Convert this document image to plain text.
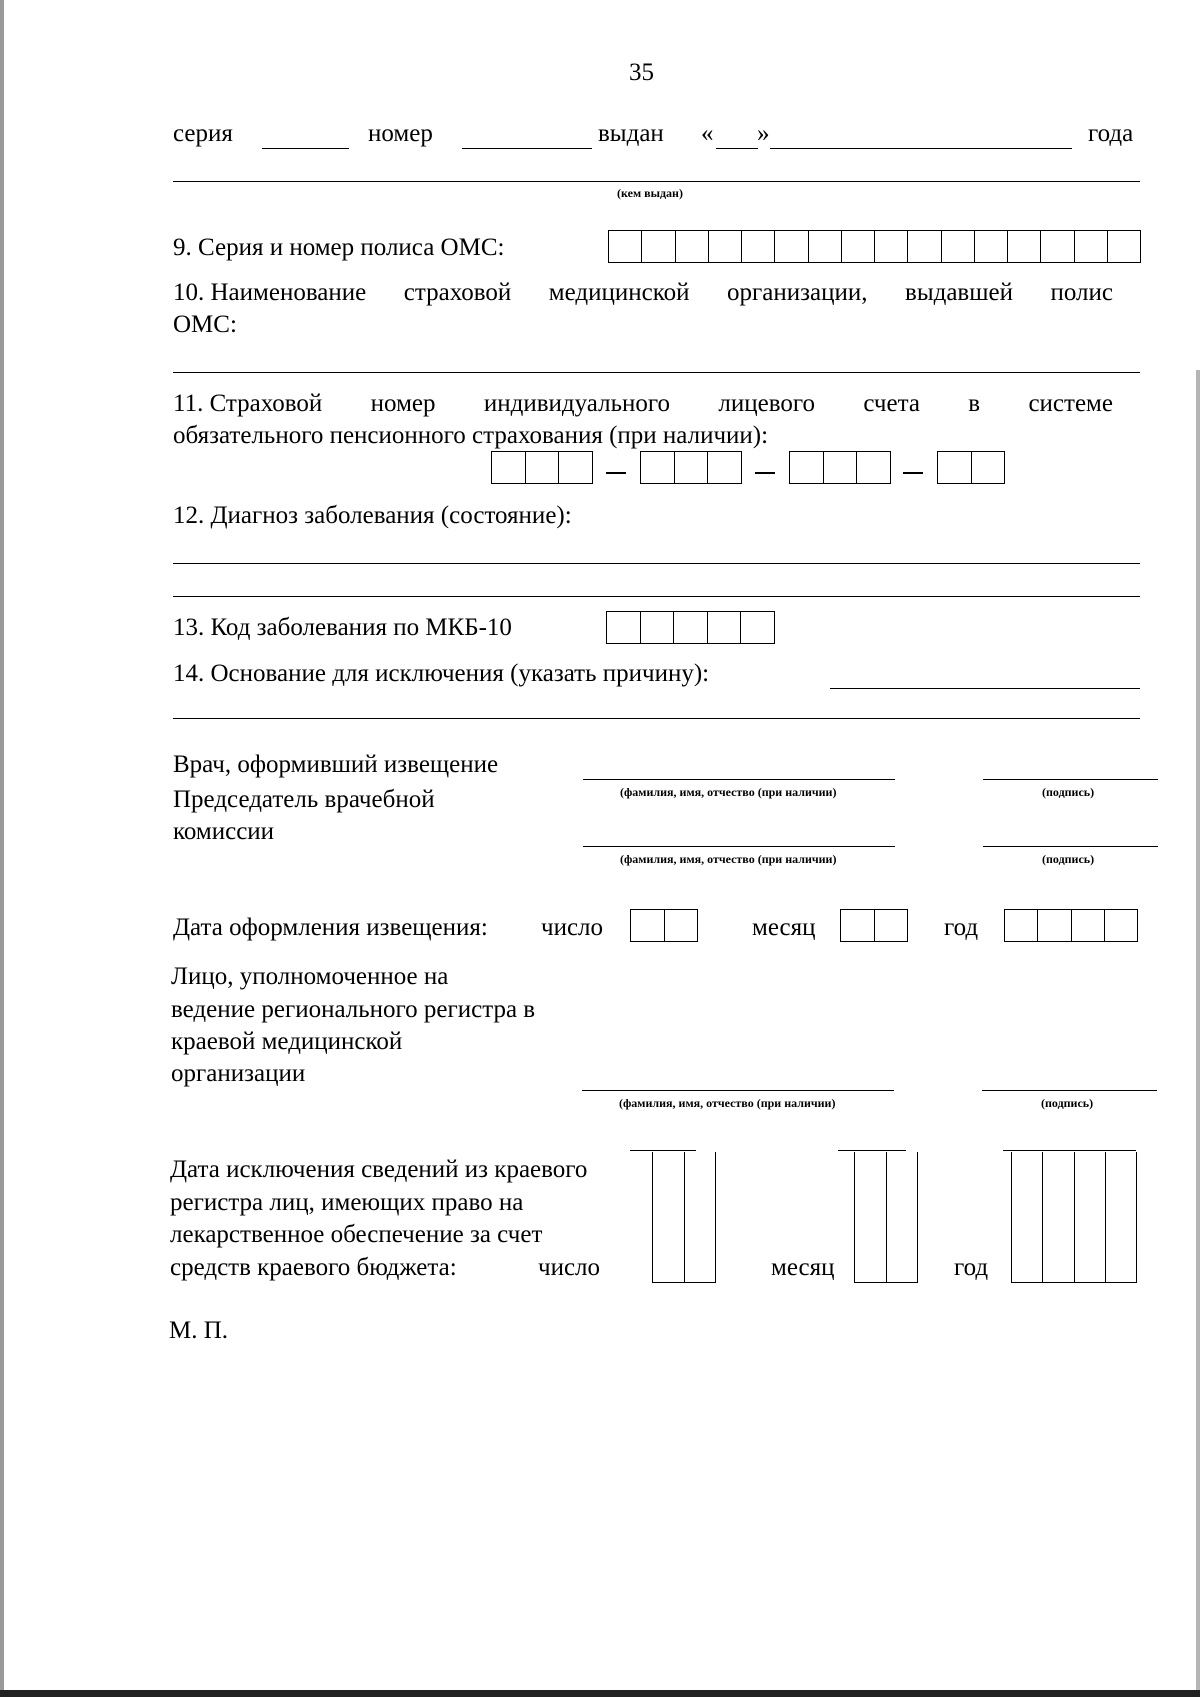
35
серия	номер	выдан « »	года
(кем выдан)
9. Серия и номер полиса ОМС:
10. Наименование страховой медицинской организации, выдавшей полис
ОМС:
11. Страховой номер индивидуального лицевого счета в системе
обязательного пенсионного страхования (при наличии):
12. Диагноз заболевания (состояние):
13. Код заболевания по МКБ-10
14. Основание для исключения (указать причину):
Врач, оформивший извещение
(фамилия, имя, отчество (при наличии)	(подпись)
Председатель врачебной
комиссии
(фамилия, имя, отчество (при наличии)	(подпись)
Дата оформления извещения: число	месяц	год
Лицо, уполномоченное на
ведение регионального регистра в
краевой медицинской
организации
(фамилия, имя, отчество (при наличии)	(подпись)
Дата исключения сведений из краевого
регистра лиц, имеющих право на
лекарственное обеспечение за счет
средств краевого бюджета:	число	месяц	год
М. П.
